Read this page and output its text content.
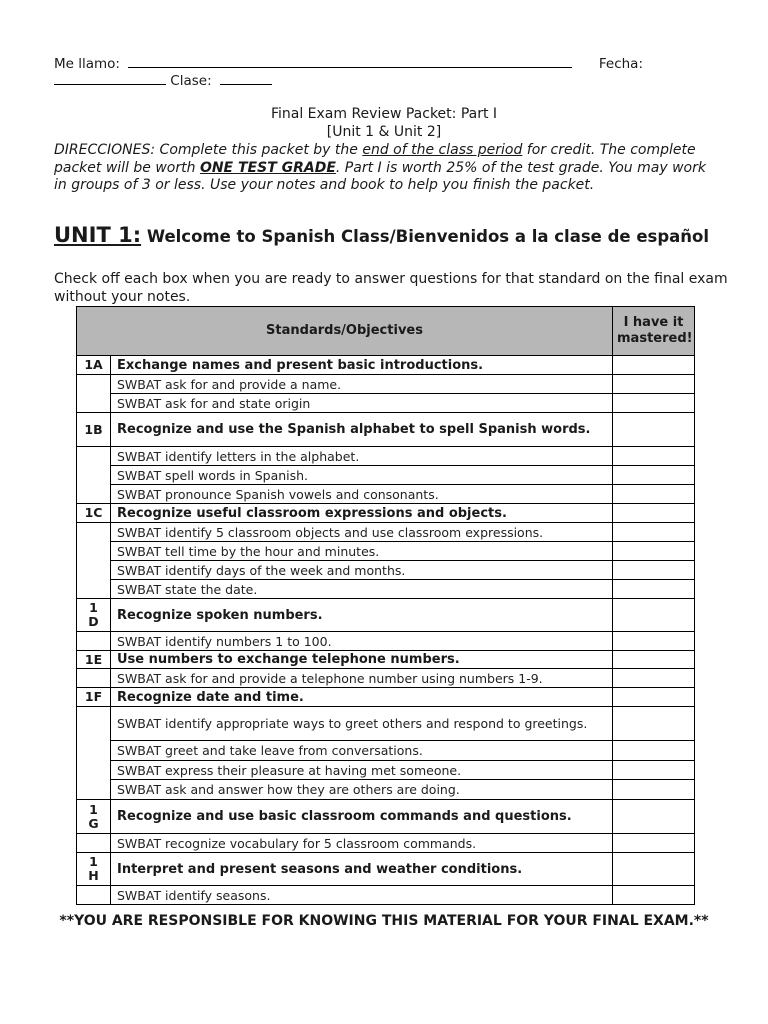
Me llamo:	Fecha:
Clase:
Final Exam Review Packet: Part I
[Unit 1 & Unit 2]
DIRECCIONES: Complete this packet by the end of the class period for credit. The complete packet will be worth ONE TEST GRADE. Part I is worth 25% of the test grade. You may work in groups of 3 or less. Use your notes and book to help you finish the packet.
UNIT 1: Welcome to Spanish Class/Bienvenidos a la clase de español
Check off each box when you are ready to answer questions for that standard on the final exam without your notes.
Standards/Objectives		I have it mastered!
1A	Exchange names and present basic introductions.	
	SWBAT ask for and provide a name.	
	SWBAT ask for and state origin	
1B	Recognize and use the Spanish alphabet to spell Spanish words.	
	SWBAT identify letters in the alphabet.	
	SWBAT spell words in Spanish.	
	SWBAT pronounce Spanish vowels and consonants.	
1C	Recognize useful classroom expressions and objects.	
	SWBAT identify 5 classroom objects and use classroom expressions.	
	SWBAT tell time by the hour and minutes.	
	SWBAT identify days of the week and months.	
	SWBAT state the date.	
1D	Recognize spoken numbers.	
	SWBAT identify numbers 1 to 100.	
1E	Use numbers to exchange telephone numbers.	
	SWBAT ask for and provide a telephone number using numbers 1-9.	
1F	Recognize date and time.	
	SWBAT identify appropriate ways to greet others and respond to greetings.	
	SWBAT greet and take leave from conversations.	
	SWBAT express their pleasure at having met someone.	
	SWBAT ask and answer how they are others are doing.	
1G	Recognize and use basic classroom commands and questions.	
	SWBAT recognize vocabulary for 5 classroom commands.	
1H	Interpret and present seasons and weather conditions.	
	SWBAT identify seasons.	
**YOU ARE RESPONSIBLE FOR KNOWING THIS MATERIAL FOR YOUR FINAL EXAM.**
